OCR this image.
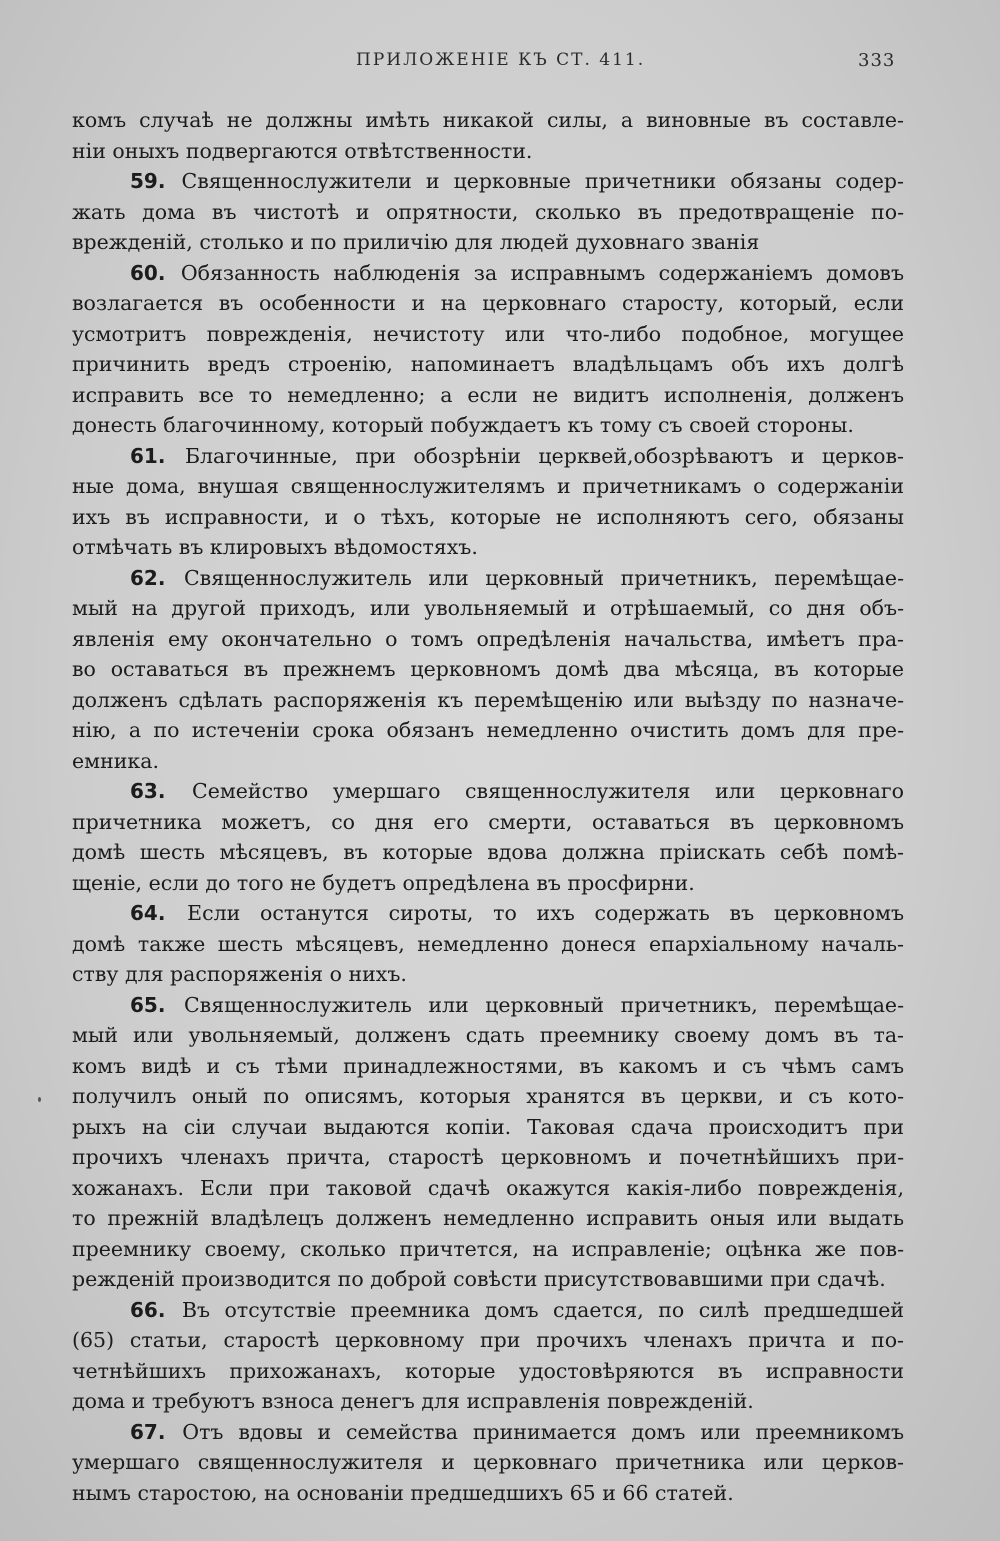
ПРИЛОЖЕНІЕ КЪ СТ. 411.	333
комъ случаѣ не должны имѣть никакой силы, а виновные въ составле-
ніи оныхъ подвергаются отвѣтственности.
59. Священнослужители и церковные причетники обязаны содер-
жать дома въ чистотѣ и опрятности, сколько въ предотвращеніе по-
врежденій, столько и по приличію для людей духовнаго званія
60. Обязанность наблюденія за исправнымъ содержаніемъ домовъ
возлагается въ особенности и на церковнаго старосту, который, если
усмотритъ поврежденія, нечистоту или что-либо подобное, могущее
причинить вредъ строенію, напоминаетъ владѣльцамъ объ ихъ долгѣ
исправить все то немедленно; а если не видитъ исполненія, долженъ
донесть благочинному, который побуждаетъ къ тому съ своей стороны.
61. Благочинные, при обозрѣніи церквей,обозрѣваютъ и церков-
ные дома, внушая священнослужителямъ и причетникамъ о содержаніи
ихъ въ исправности, и о тѣхъ, которые не исполняютъ сего, обязаны
отмѣчать въ клировыхъ вѣдомостяхъ.
62. Священнослужитель или церковный причетникъ, перемѣщае-
мый на другой приходъ, или увольняемый и отрѣшаемый, со дня объ-
явленія ему окончательно о томъ опредѣленія начальства, имѣетъ пра-
во оставаться въ прежнемъ церковномъ домѣ два мѣсяца, въ которые
долженъ сдѣлать распоряженія къ перемѣщенію или выѣзду по назначе-
нію, а по истеченіи срока обязанъ немедленно очистить домъ для пре-
емника.
63. Семейство умершаго священнослужителя или церковнаго
причетника можетъ, со дня его смерти, оставаться въ церковномъ
домѣ шесть мѣсяцевъ, въ которые вдова должна пріискать себѣ помѣ-
щеніе, если до того не будетъ опредѣлена въ просфирни.
64. Если останутся сироты, то ихъ содержать въ церковномъ
домѣ также шесть мѣсяцевъ, немедленно донеся епархіальному началь-
ству для распоряженія о нихъ.
65. Священнослужитель или церковный причетникъ, перемѣщае-
мый или увольняемый, долженъ сдать преемнику своему домъ въ та-
комъ видѣ и съ тѣми принадлежностями, въ какомъ и съ чѣмъ самъ
получилъ оный по описямъ, которыя хранятся въ церкви, и съ кото-
рыхъ на сіи случаи выдаются копіи. Таковая сдача происходитъ при
прочихъ членахъ причта, старостѣ церковномъ и почетнѣйшихъ при-
хожанахъ. Если при таковой сдачѣ окажутся какія-либо поврежденія,
то прежній владѣлецъ долженъ немедленно исправить оныя или выдать
преемнику своему, сколько причтется, на исправленіе; оцѣнка же пов-
режденій производится по доброй совѣсти присутствовавшими при сдачѣ.
66. Въ отсутствіе преемника домъ сдается, по силѣ предшедшей
(65) статьи, старостѣ церковному при прочихъ членахъ причта и по-
четнѣйшихъ прихожанахъ, которые удостовѣряются въ исправности
дома и требуютъ взноса денегъ для исправленія поврежденій.
67. Отъ вдовы и семейства принимается домъ или преемникомъ
умершаго священнослужителя и церковнаго причетника или церков-
нымъ старостою, на основаніи предшедшихъ 65 и 66 статей.
